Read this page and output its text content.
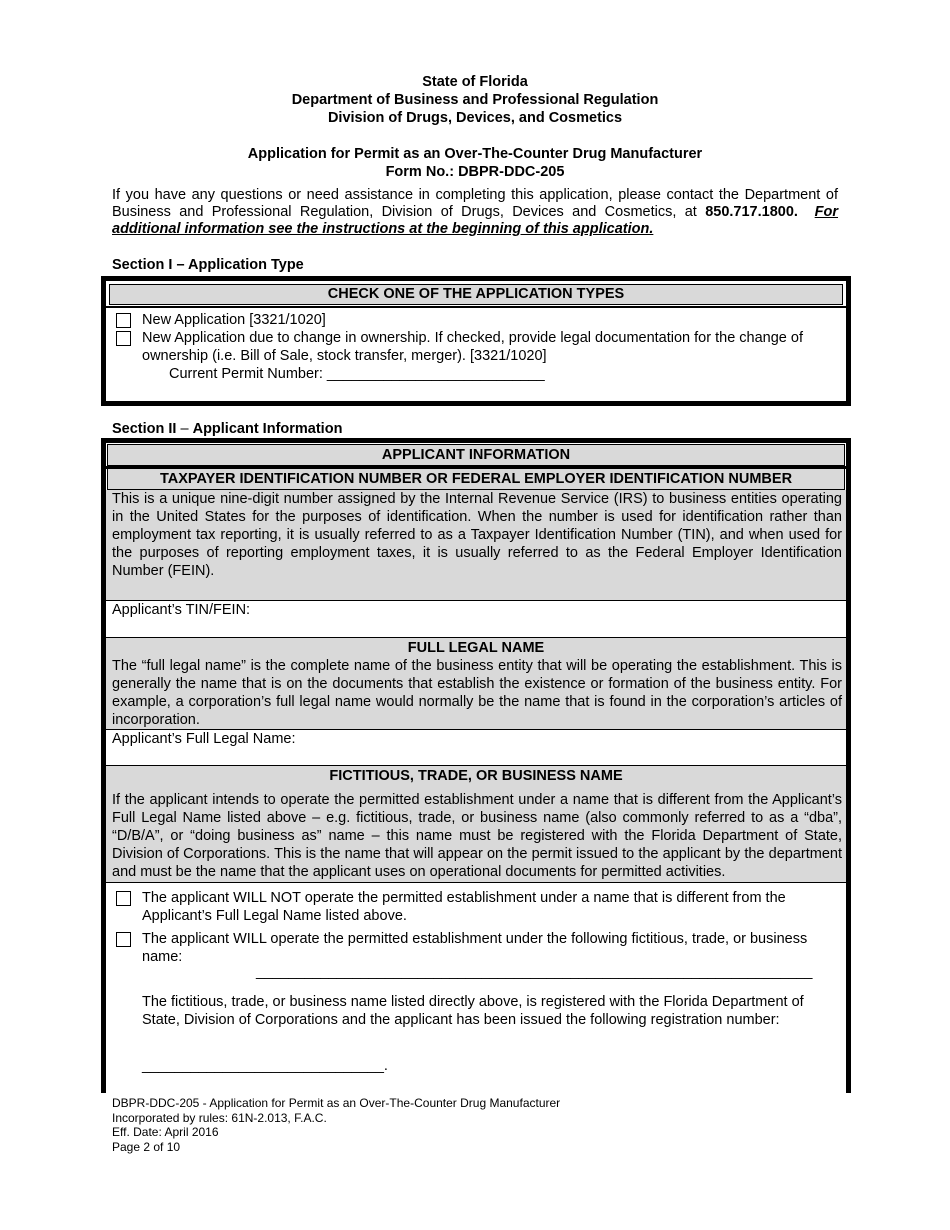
State of Florida
Department of Business and Professional Regulation
Division of Drugs, Devices, and Cosmetics
Application for Permit as an Over-The-Counter Drug Manufacturer
Form No.: DBPR-DDC-205
If you have any questions or need assistance in completing this application, please contact the Department of Business and Professional Regulation, Division of Drugs, Devices and Cosmetics, at 850.717.1800. For additional information see the instructions at the beginning of this application.
Section I – Application Type
CHECK ONE OF THE APPLICATION TYPES
New Application [3321/1020]
New Application due to change in ownership. If checked, provide legal documentation for the change of ownership (i.e. Bill of Sale, stock transfer, merger). [3321/1020]
Current Permit Number: ___________________________
Section II – Applicant Information
APPLICANT INFORMATION
TAXPAYER IDENTIFICATION NUMBER OR FEDERAL EMPLOYER IDENTIFICATION NUMBER
This is a unique nine-digit number assigned by the Internal Revenue Service (IRS) to business entities operating in the United States for the purposes of identification. When the number is used for identification rather than employment tax reporting, it is usually referred to as a Taxpayer Identification Number (TIN), and when used for the purposes of reporting employment taxes, it is usually referred to as the Federal Employer Identification Number (FEIN).
Applicant’s TIN/FEIN:
FULL LEGAL NAME
The “full legal name” is the complete name of the business entity that will be operating the establishment. This is generally the name that is on the documents that establish the existence or formation of the business entity. For example, a corporation’s full legal name would normally be the name that is found in the corporation’s articles of incorporation.
Applicant’s Full Legal Name:
FICTITIOUS, TRADE, OR BUSINESS NAME
If the applicant intends to operate the permitted establishment under a name that is different from the Applicant’s Full Legal Name listed above – e.g. fictitious, trade, or business name (also commonly referred to as a “dba”, “D/B/A”, or “doing business as” name – this name must be registered with the Florida Department of State, Division of Corporations. This is the name that will appear on the permit issued to the applicant by the department and must be the name that the applicant uses on operational documents for permitted activities.
The applicant WILL NOT operate the permitted establishment under a name that is different from the Applicant’s Full Legal Name listed above.
The applicant WILL operate the permitted establishment under the following fictitious, trade, or business name:
_____________________________________________________________________
The fictitious, trade, or business name listed directly above, is registered with the Florida Department of State, Division of Corporations and the applicant has been issued the following registration number:
______________________________.
DBPR-DDC-205 - Application for Permit as an Over-The-Counter Drug Manufacturer
Incorporated by rules: 61N-2.013, F.A.C.
Eff. Date: April 2016
Page 2 of 10
